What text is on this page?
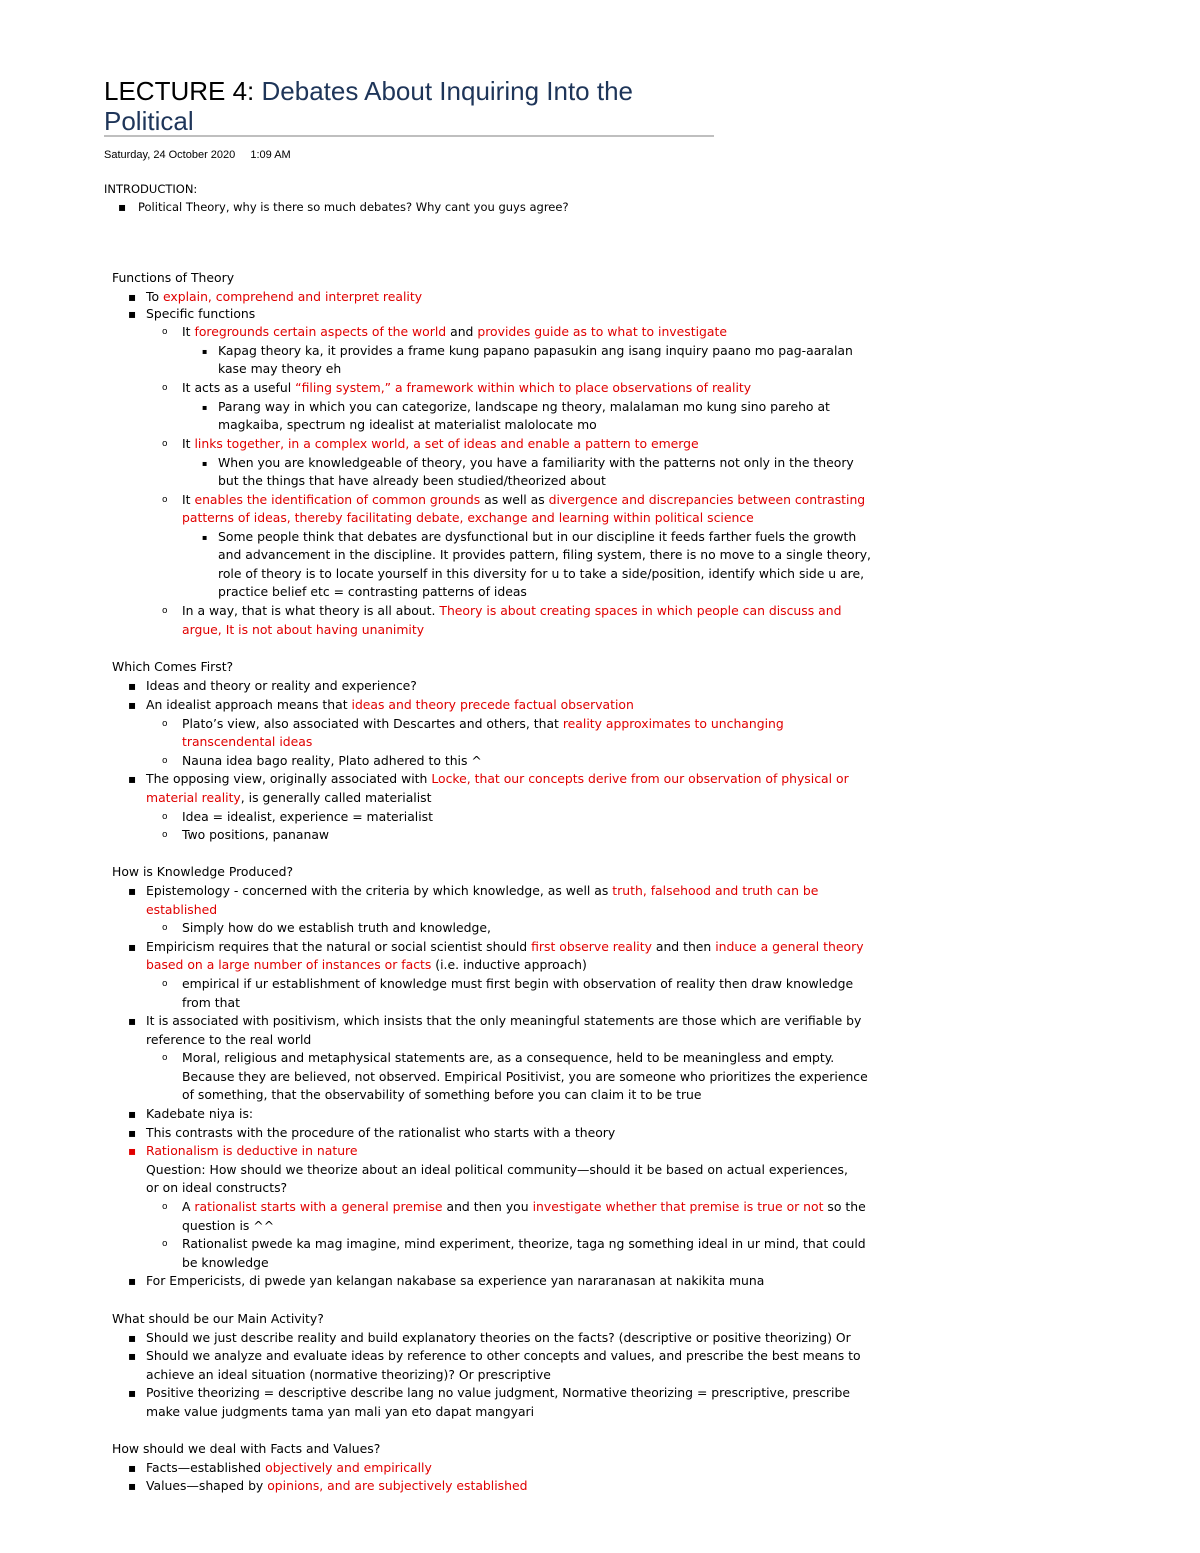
LECTURE 4: Debates About Inquiring Into the
Political
Saturday, 24 October 2020 1:09 AM
INTRODUCTION:
▪ Political Theory, why is there so much debates? Why cant you guys agree?
Functions of Theory
▪ To explain, comprehend and interpret reality
▪ Specific functions
o It foregrounds certain aspects of the world and provides guide as to what to investigate
▪ Kapag theory ka, it provides a frame kung papano papasukin ang isang inquiry paano mo pag-aaralan
kase may theory eh
o It acts as a useful “filing system,” a framework within which to place observations of reality
▪ Parang way in which you can categorize, landscape ng theory, malalaman mo kung sino pareho at
magkaiba, spectrum ng idealist at materialist malolocate mo
o It links together, in a complex world, a set of ideas and enable a pattern to emerge
▪ When you are knowledgeable of theory, you have a familiarity with the patterns not only in the theory
but the things that have already been studied/theorized about
o It enables the identification of common grounds as well as divergence and discrepancies between contrasting
patterns of ideas, thereby facilitating debate, exchange and learning within political science
▪ Some people think that debates are dysfunctional but in our discipline it feeds farther fuels the growth
and advancement in the discipline. It provides pattern, filing system, there is no move to a single theory,
role of theory is to locate yourself in this diversity for u to take a side/position, identify which side u are,
practice belief etc = contrasting patterns of ideas
o In a way, that is what theory is all about. Theory is about creating spaces in which people can discuss and
argue, It is not about having unanimity
Which Comes First?
▪ Ideas and theory or reality and experience?
▪ An idealist approach means that ideas and theory precede factual observation
o Plato’s view, also associated with Descartes and others, that reality approximates to unchanging
transcendental ideas
o Nauna idea bago reality, Plato adhered to this ^
▪ The opposing view, originally associated with Locke, that our concepts derive from our observation of physical or
material reality, is generally called materialist
o Idea = idealist, experience = materialist
o Two positions, pananaw
How is Knowledge Produced?
▪ Epistemology - concerned with the criteria by which knowledge, as well as truth, falsehood and truth can be
established
o Simply how do we establish truth and knowledge,
▪ Empiricism requires that the natural or social scientist should first observe reality and then induce a general theory
based on a large number of instances or facts (i.e. inductive approach)
o empirical if ur establishment of knowledge must first begin with observation of reality then draw knowledge
from that
▪ It is associated with positivism, which insists that the only meaningful statements are those which are verifiable by
reference to the real world
o Moral, religious and metaphysical statements are, as a consequence, held to be meaningless and empty.
Because they are believed, not observed. Empirical Positivist, you are someone who prioritizes the experience
of something, that the observability of something before you can claim it to be true
▪ Kadebate niya is:
▪ This contrasts with the procedure of the rationalist who starts with a theory
▪ Rationalism is deductive in nature
Question: How should we theorize about an ideal political community—should it be based on actual experiences,
or on ideal constructs?
o A rationalist starts with a general premise and then you investigate whether that premise is true or not so the
question is ^^
o Rationalist pwede ka mag imagine, mind experiment, theorize, taga ng something ideal in ur mind, that could
be knowledge
▪ For Empericists, di pwede yan kelangan nakabase sa experience yan nararanasan at nakikita muna
What should be our Main Activity?
▪ Should we just describe reality and build explanatory theories on the facts? (descriptive or positive theorizing) Or
▪ Should we analyze and evaluate ideas by reference to other concepts and values, and prescribe the best means to
achieve an ideal situation (normative theorizing)? Or prescriptive
▪ Positive theorizing = descriptive describe lang no value judgment, Normative theorizing = prescriptive, prescribe
make value judgments tama yan mali yan eto dapat mangyari
How should we deal with Facts and Values?
▪ Facts—established objectively and empirically
▪ Values—shaped by opinions, and are subjectively established
